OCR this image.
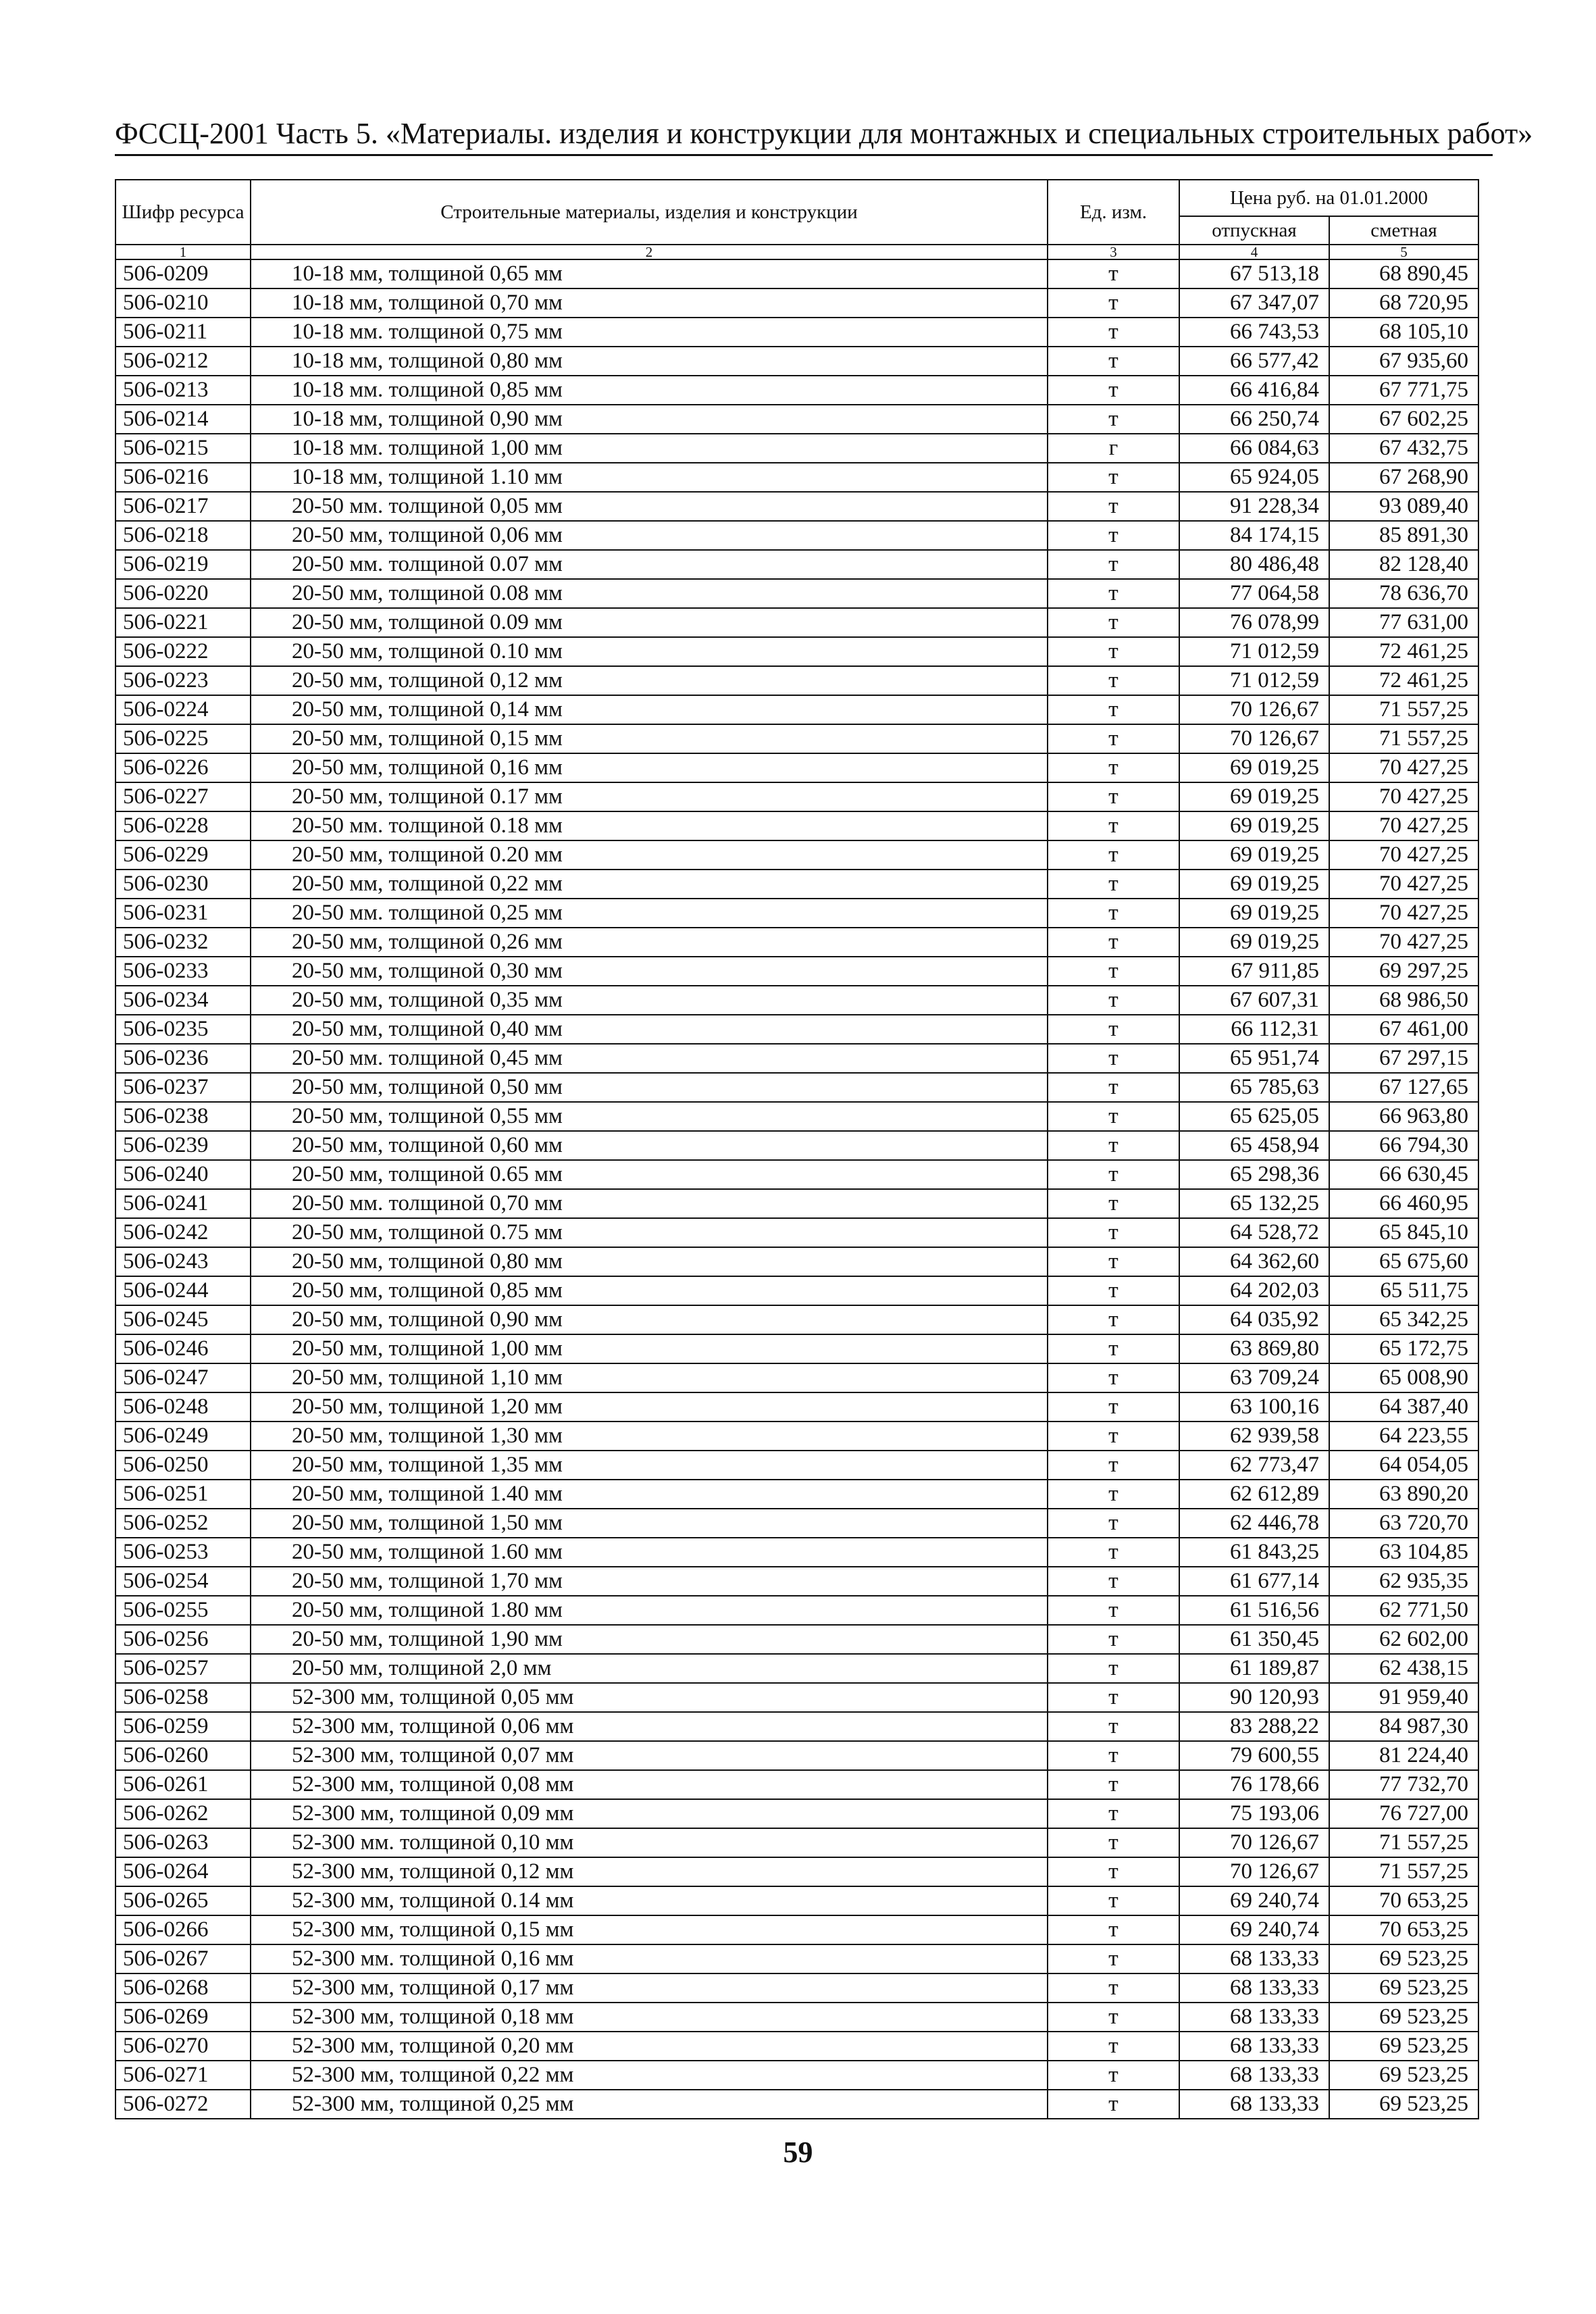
ФССЦ-2001 Часть 5. «Материалы. изделия и конструкции для монтажных и специальных строительных работ»
Шифр ресурса	Строительные материалы, изделия и конструкции	Ед. изм.	Цена руб. на 01.01.2000	
			отпускная	сметная
1	2	3	4	5
506-0209	10-18 мм, толщиной 0,65 мм	т	67 513,18	68 890,45
506-0210	10-18 мм, толщиной 0,70 мм	т	67 347,07	68 720,95
506-0211	10-18 мм. толщиной 0,75 мм	т	66 743,53	68 105,10
506-0212	10-18 мм, толщиной 0,80 мм	т	66 577,42	67 935,60
506-0213	10-18 мм. толщиной 0,85 мм	т	66 416,84	67 771,75
506-0214	10-18 мм, толщиной 0,90 мм	т	66 250,74	67 602,25
506-0215	10-18 мм. толщиной 1,00 мм	г	66 084,63	67 432,75
506-0216	10-18 мм, толщиной 1.10 мм	т	65 924,05	67 268,90
506-0217	20-50 мм. толщиной 0,05 мм	т	91 228,34	93 089,40
506-0218	20-50 мм, толщиной 0,06 мм	т	84 174,15	85 891,30
506-0219	20-50 мм. толщиной 0.07 мм	т	80 486,48	82 128,40
506-0220	20-50 мм, толщиной 0.08 мм	т	77 064,58	78 636,70
506-0221	20-50 мм, толщиной 0.09 мм	т	76 078,99	77 631,00
506-0222	20-50 мм, толщиной 0.10 мм	т	71 012,59	72 461,25
506-0223	20-50 мм, толщиной 0,12 мм	т	71 012,59	72 461,25
506-0224	20-50 мм, толщиной 0,14 мм	т	70 126,67	71 557,25
506-0225	20-50 мм, толщиной 0,15 мм	т	70 126,67	71 557,25
506-0226	20-50 мм, толщиной 0,16 мм	т	69 019,25	70 427,25
506-0227	20-50 мм, толщиной 0.17 мм	т	69 019,25	70 427,25
506-0228	20-50 мм. толщиной 0.18 мм	т	69 019,25	70 427,25
506-0229	20-50 мм, толщиной 0.20 мм	т	69 019,25	70 427,25
506-0230	20-50 мм, толщиной 0,22 мм	т	69 019,25	70 427,25
506-0231	20-50 мм. толщиной 0,25 мм	т	69 019,25	70 427,25
506-0232	20-50 мм, толщиной 0,26 мм	т	69 019,25	70 427,25
506-0233	20-50 мм, толщиной 0,30 мм	т	67 911,85	69 297,25
506-0234	20-50 мм, толщиной 0,35 мм	т	67 607,31	68 986,50
506-0235	20-50 мм, толщиной 0,40 мм	т	66 112,31	67 461,00
506-0236	20-50 мм. толщиной 0,45 мм	т	65 951,74	67 297,15
506-0237	20-50 мм, толщиной 0,50 мм	т	65 785,63	67 127,65
506-0238	20-50 мм, толщиной 0,55 мм	т	65 625,05	66 963,80
506-0239	20-50 мм, толщиной 0,60 мм	т	65 458,94	66 794,30
506-0240	20-50 мм, толщиной 0.65 мм	т	65 298,36	66 630,45
506-0241	20-50 мм. толщиной 0,70 мм	т	65 132,25	66 460,95
506-0242	20-50 мм, толщиной 0.75 мм	т	64 528,72	65 845,10
506-0243	20-50 мм, толщиной 0,80 мм	т	64 362,60	65 675,60
506-0244	20-50 мм, толщиной 0,85 мм	т	64 202,03	65 511,75
506-0245	20-50 мм, толщиной 0,90 мм	т	64 035,92	65 342,25
506-0246	20-50 мм, толщиной 1,00 мм	т	63 869,80	65 172,75
506-0247	20-50 мм, толщиной 1,10 мм	т	63 709,24	65 008,90
506-0248	20-50 мм, толщиной 1,20 мм	т	63 100,16	64 387,40
506-0249	20-50 мм, толщиной 1,30 мм	т	62 939,58	64 223,55
506-0250	20-50 мм, толщиной 1,35 мм	т	62 773,47	64 054,05
506-0251	20-50 мм, толщиной 1.40 мм	т	62 612,89	63 890,20
506-0252	20-50 мм, толщиной 1,50 мм	т	62 446,78	63 720,70
506-0253	20-50 мм, толщиной 1.60 мм	т	61 843,25	63 104,85
506-0254	20-50 мм, толщиной 1,70 мм	т	61 677,14	62 935,35
506-0255	20-50 мм, толщиной 1.80 мм	т	61 516,56	62 771,50
506-0256	20-50 мм, толщиной 1,90 мм	т	61 350,45	62 602,00
506-0257	20-50 мм, толщиной 2,0 мм	т	61 189,87	62 438,15
506-0258	52-300 мм, толщиной 0,05 мм	т	90 120,93	91 959,40
506-0259	52-300 мм, толщиной 0,06 мм	т	83 288,22	84 987,30
506-0260	52-300 мм, толщиной 0,07 мм	т	79 600,55	81 224,40
506-0261	52-300 мм, толщиной 0,08 мм	т	76 178,66	77 732,70
506-0262	52-300 мм, толщиной 0,09 мм	т	75 193,06	76 727,00
506-0263	52-300 мм. толщиной 0,10 мм	т	70 126,67	71 557,25
506-0264	52-300 мм, толщиной 0,12 мм	т	70 126,67	71 557,25
506-0265	52-300 мм, толщиной 0.14 мм	т	69 240,74	70 653,25
506-0266	52-300 мм, толщиной 0,15 мм	т	69 240,74	70 653,25
506-0267	52-300 мм. толщиной 0,16 мм	т	68 133,33	69 523,25
506-0268	52-300 мм, толщиной 0,17 мм	т	68 133,33	69 523,25
506-0269	52-300 мм, толщиной 0,18 мм	т	68 133,33	69 523,25
506-0270	52-300 мм, толщиной 0,20 мм	т	68 133,33	69 523,25
506-0271	52-300 мм, толщиной 0,22 мм	т	68 133,33	69 523,25
506-0272	52-300 мм, толщиной 0,25 мм	т	68 133,33	69 523,25
59
